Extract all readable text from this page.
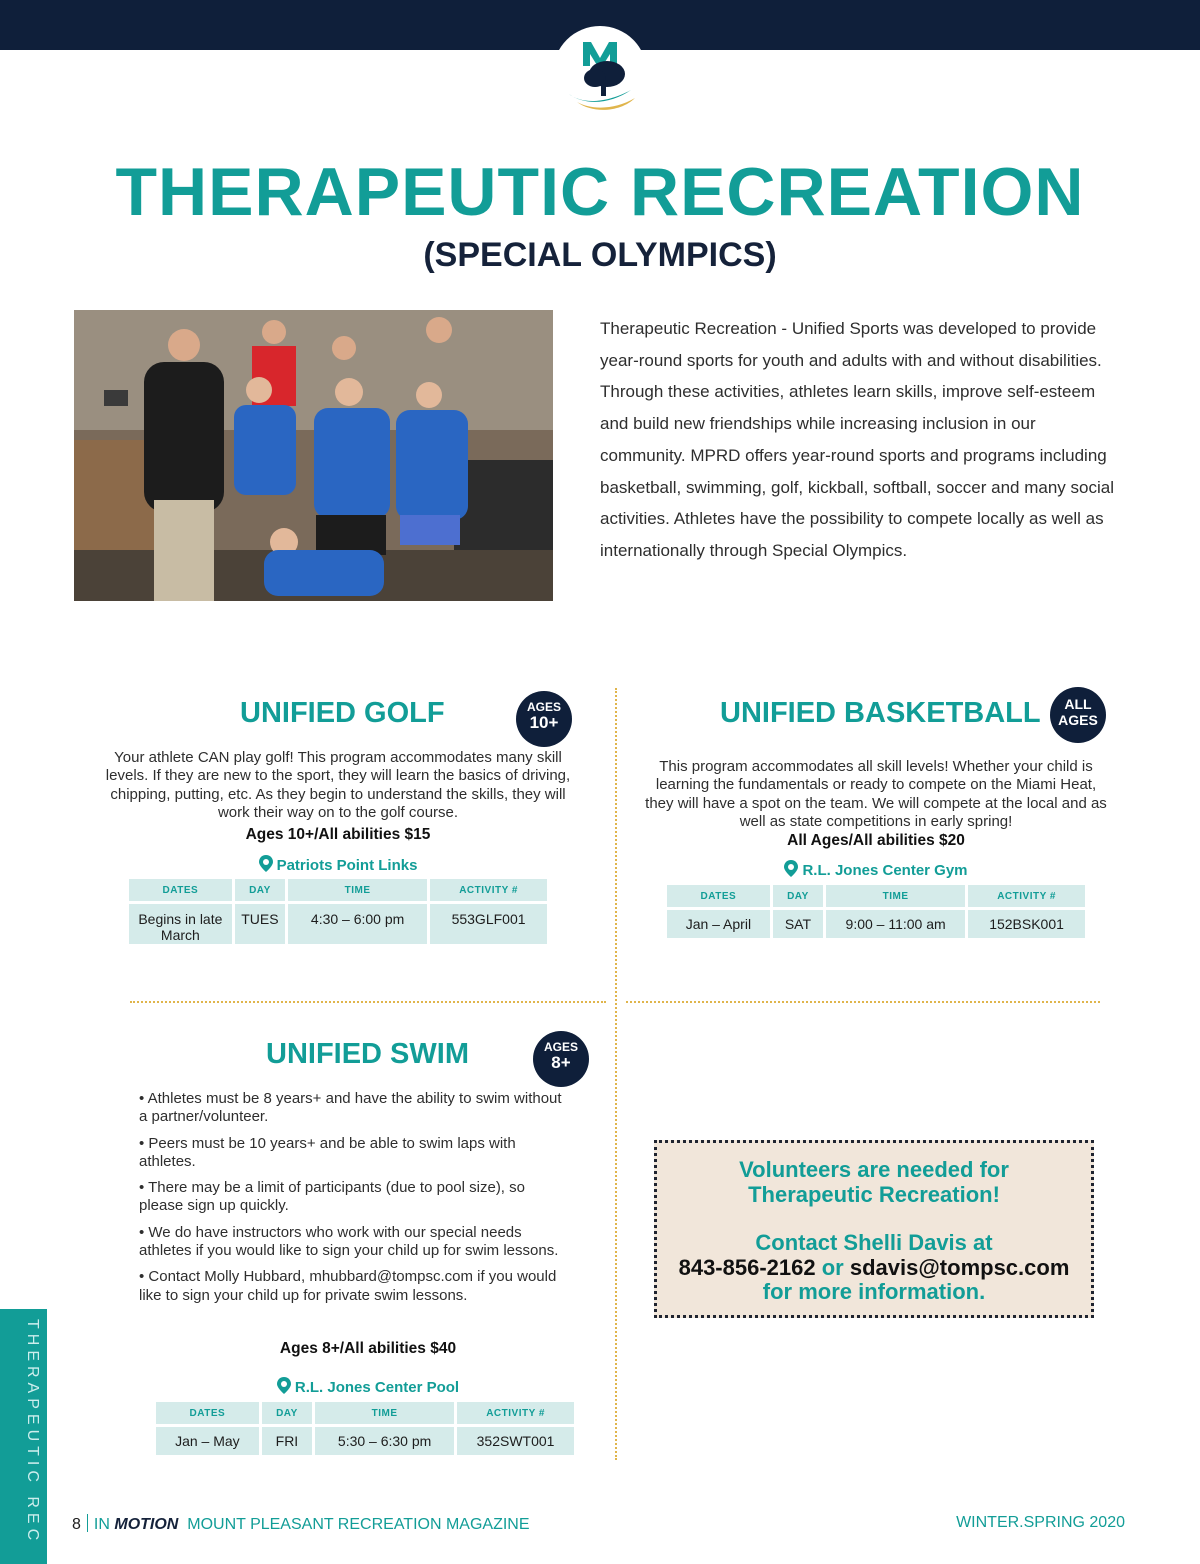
THERAPEUTIC RECREATION
(SPECIAL OLYMPICS)

Therapeutic Recreation - Unified Sports was developed to provide year-round sports for youth and adults with and without disabilities. Through these activities, athletes learn skills, improve self-esteem and build new friendships while increasing inclusion in our community. MPRD offers year-round sports and programs including basketball, swimming, golf, kickball, softball, soccer and many social activities. Athletes have the possibility to compete locally as well as internationally through Special Olympics.

UNIFIED GOLF	AGES
10+

Your athlete CAN play golf! This program accommodates many skill levels. If they are new to the sport, they will learn the basics of driving, chipping, putting, etc. As they begin to understand the skills, they will work their way on to the golf course.

Ages 10+/All abilities $15
Patriots Point Links
DATES	DAY	TIME	ACTIVITY #
Begins in late March	TUES	4:30 – 6:00 pm	553GLF001
UNIFIED BASKETBALL	ALL
AGES

This program accommodates all skill levels! Whether your child is learning the fundamentals or ready to compete on the Miami Heat, they will have a spot on the team. We will compete at the local and as well as state competitions in early spring!

All Ages/All abilities $20
R.L. Jones Center Gym
DATES	DAY	TIME	ACTIVITY #
Jan – April	SAT	9:00 – 11:00 am	152BSK001
UNIFIED SWIM	AGES
8+

• Athletes must be 8 years+ and have the ability to swim without a partner/volunteer.

• Peers must be 10 years+ and be able to swim laps with athletes.

• There may be a limit of participants (due to pool size), so please sign up quickly.

• We do have instructors who work with our special needs athletes if you would like to sign your child up for swim lessons.

• Contact Molly Hubbard, mhubbard@tompsc.com if you would like to sign your child up for private swim lessons.

Ages 8+/All abilities $40
R.L. Jones Center Pool
DATES	DAY	TIME	ACTIVITY #
Jan – May	FRI	5:30 – 6:30 pm	352SWT001
Volunteers are needed for
Therapeutic Recreation!
Contact Shelli Davis at
843-856-2162 or sdavis@tompsc.com
for more information.
THERAPEUTIC REC 8 IN MOTION MOUNT PLEASANT RECREATION MAGAZINE	WINTER.SPRING 2020
